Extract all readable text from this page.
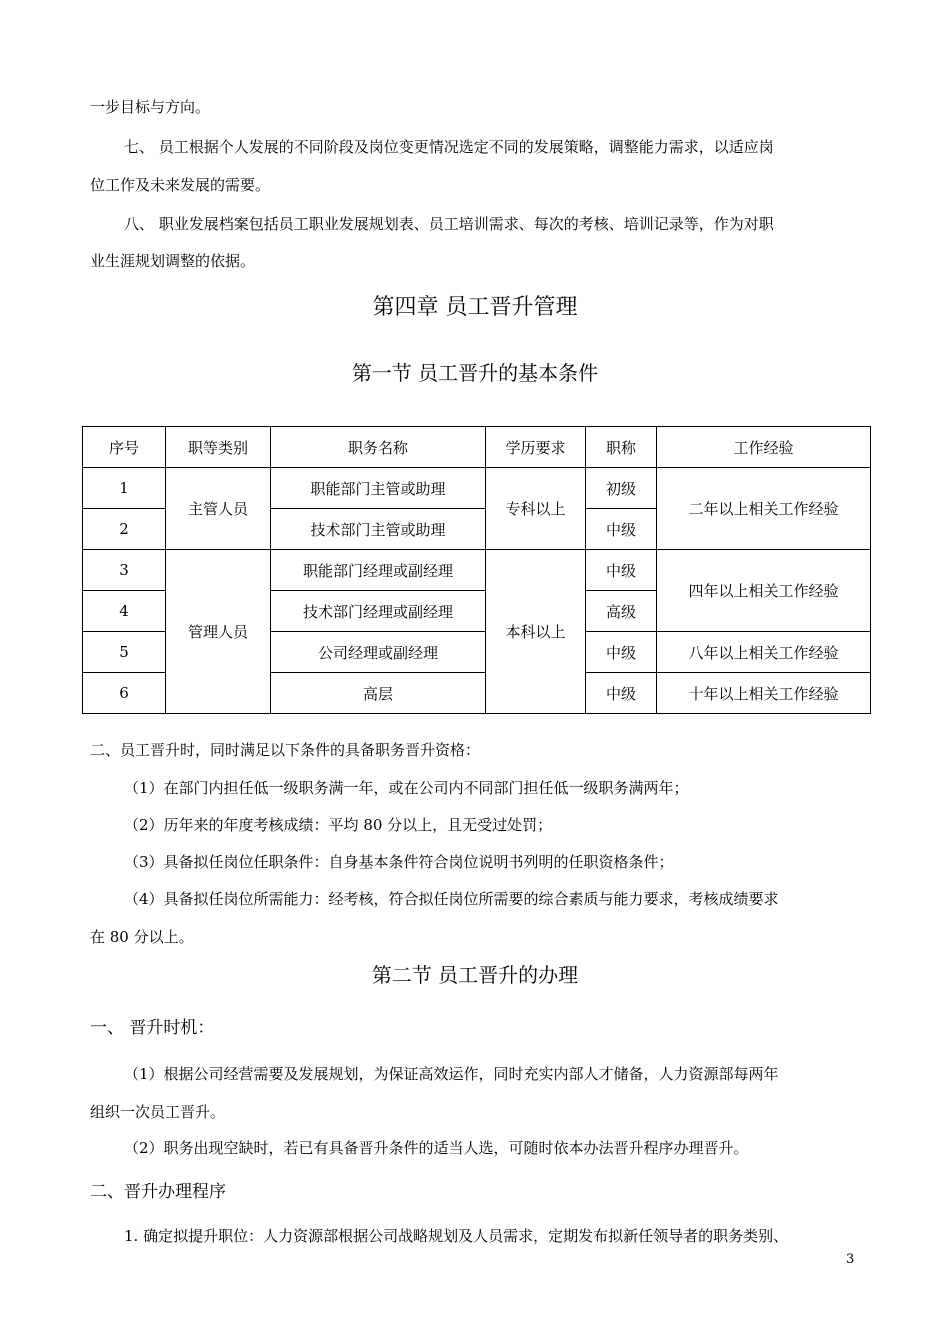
一步目标与方向。
七、 员工根据个人发展的不同阶段及岗位变更情况选定不同的发展策略，调整能力需求，以适应岗
位工作及未来发展的需要。
八、 职业发展档案包括员工职业发展规划表、员工培训需求、每次的考核、培训记录等，作为对职
业生涯规划调整的依据。
第四章 员工晋升管理
第一节 员工晋升的基本条件
序号	职等类别	职务名称	学历要求	职称	工作经验
1	主管人员	职能部门主管或助理	专科以上	初级	二年以上相关工作经验
2		技术部门主管或助理		中级	
3	管理人员	职能部门经理或副经理	本科以上	中级	四年以上相关工作经验
4		技术部门经理或副经理		高级	
5		公司经理或副经理		中级	八年以上相关工作经验
6		高层		中级	十年以上相关工作经验
二、员工晋升时，同时满足以下条件的具备职务晋升资格：
（1）在部门内担任低一级职务满一年，或在公司内不同部门担任低一级职务满两年；
（2）历年来的年度考核成绩：平均 80 分以上，且无受过处罚；
（3）具备拟任岗位任职条件：自身基本条件符合岗位说明书列明的任职资格条件；
（4）具备拟任岗位所需能力：经考核，符合拟任岗位所需要的综合素质与能力要求，考核成绩要求
在 80 分以上。
第二节 员工晋升的办理
一、 晋升时机：
（1）根据公司经营需要及发展规划，为保证高效运作，同时充实内部人才储备，人力资源部每两年
组织一次员工晋升。
（2）职务出现空缺时，若已有具备晋升条件的适当人选，可随时依本办法晋升程序办理晋升。
二、晋升办理程序
1. 确定拟提升职位：人力资源部根据公司战略规划及人员需求，定期发布拟新任领导者的职务类别、
3
